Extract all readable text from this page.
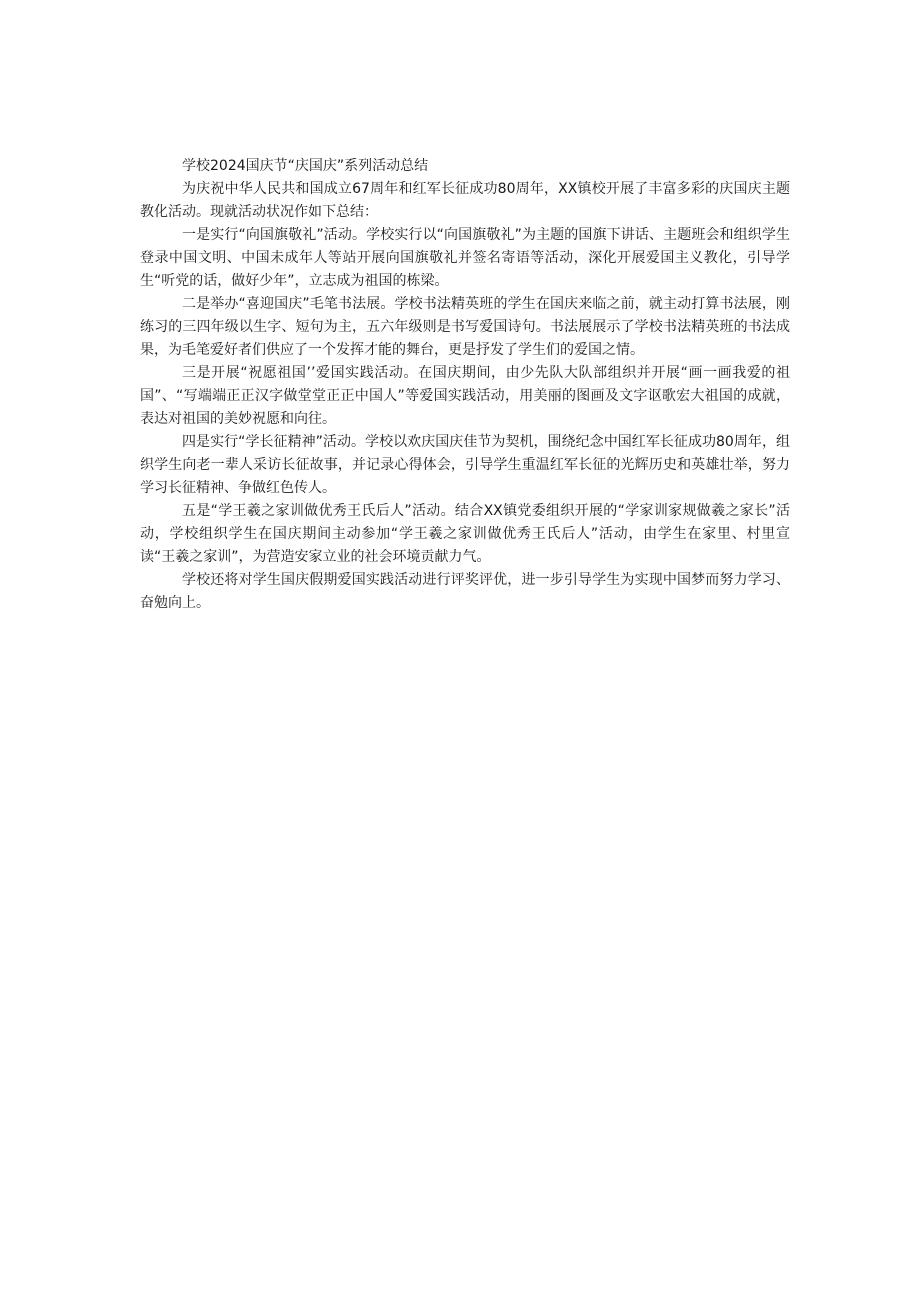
学校2024国庆节“庆国庆”系列活动总结

为庆祝中华人民共和国成立67周年和红军长征成功80周年，XX镇校开展了丰富多彩的庆国庆主题教化活动。现就活动状况作如下总结：

一是实行“向国旗敬礼”活动。学校实行以“向国旗敬礼”为主题的国旗下讲话、主题班会和组织学生登录中国文明、中国未成年人等站开展向国旗敬礼并签名寄语等活动，深化开展爱国主义教化，引导学生“听党的话，做好少年”，立志成为祖国的栋梁。

二是举办“喜迎国庆”毛笔书法展。学校书法精英班的学生在国庆来临之前，就主动打算书法展，刚练习的三四年级以生字、短句为主，五六年级则是书写爱国诗句。书法展展示了学校书法精英班的书法成果，为毛笔爱好者们供应了一个发挥才能的舞台，更是抒发了学生们的爱国之情。

三是开展“祝愿祖国’’爱国实践活动。在国庆期间，由少先队大队部组织并开展“画一画我爱的祖国”、“写端端正正汉字做堂堂正正中国人”等爱国实践活动，用美丽的图画及文字讴歌宏大祖国的成就，表达对祖国的美妙祝愿和向往。

四是实行“学长征精神”活动。学校以欢庆国庆佳节为契机，围绕纪念中国红军长征成功80周年，组织学生向老一辈人采访长征故事，并记录心得体会，引导学生重温红军长征的光辉历史和英雄壮举，努力学习长征精神、争做红色传人。

五是“学王羲之家训做优秀王氏后人”活动。结合XX镇党委组织开展的“学家训家规做羲之家长”活动，学校组织学生在国庆期间主动参加“学王羲之家训做优秀王氏后人”活动，由学生在家里、村里宣读“王羲之家训”，为营造安家立业的社会环境贡献力气。

学校还将对学生国庆假期爱国实践活动进行评奖评优，进一步引导学生为实现中国梦而努力学习、奋勉向上。
